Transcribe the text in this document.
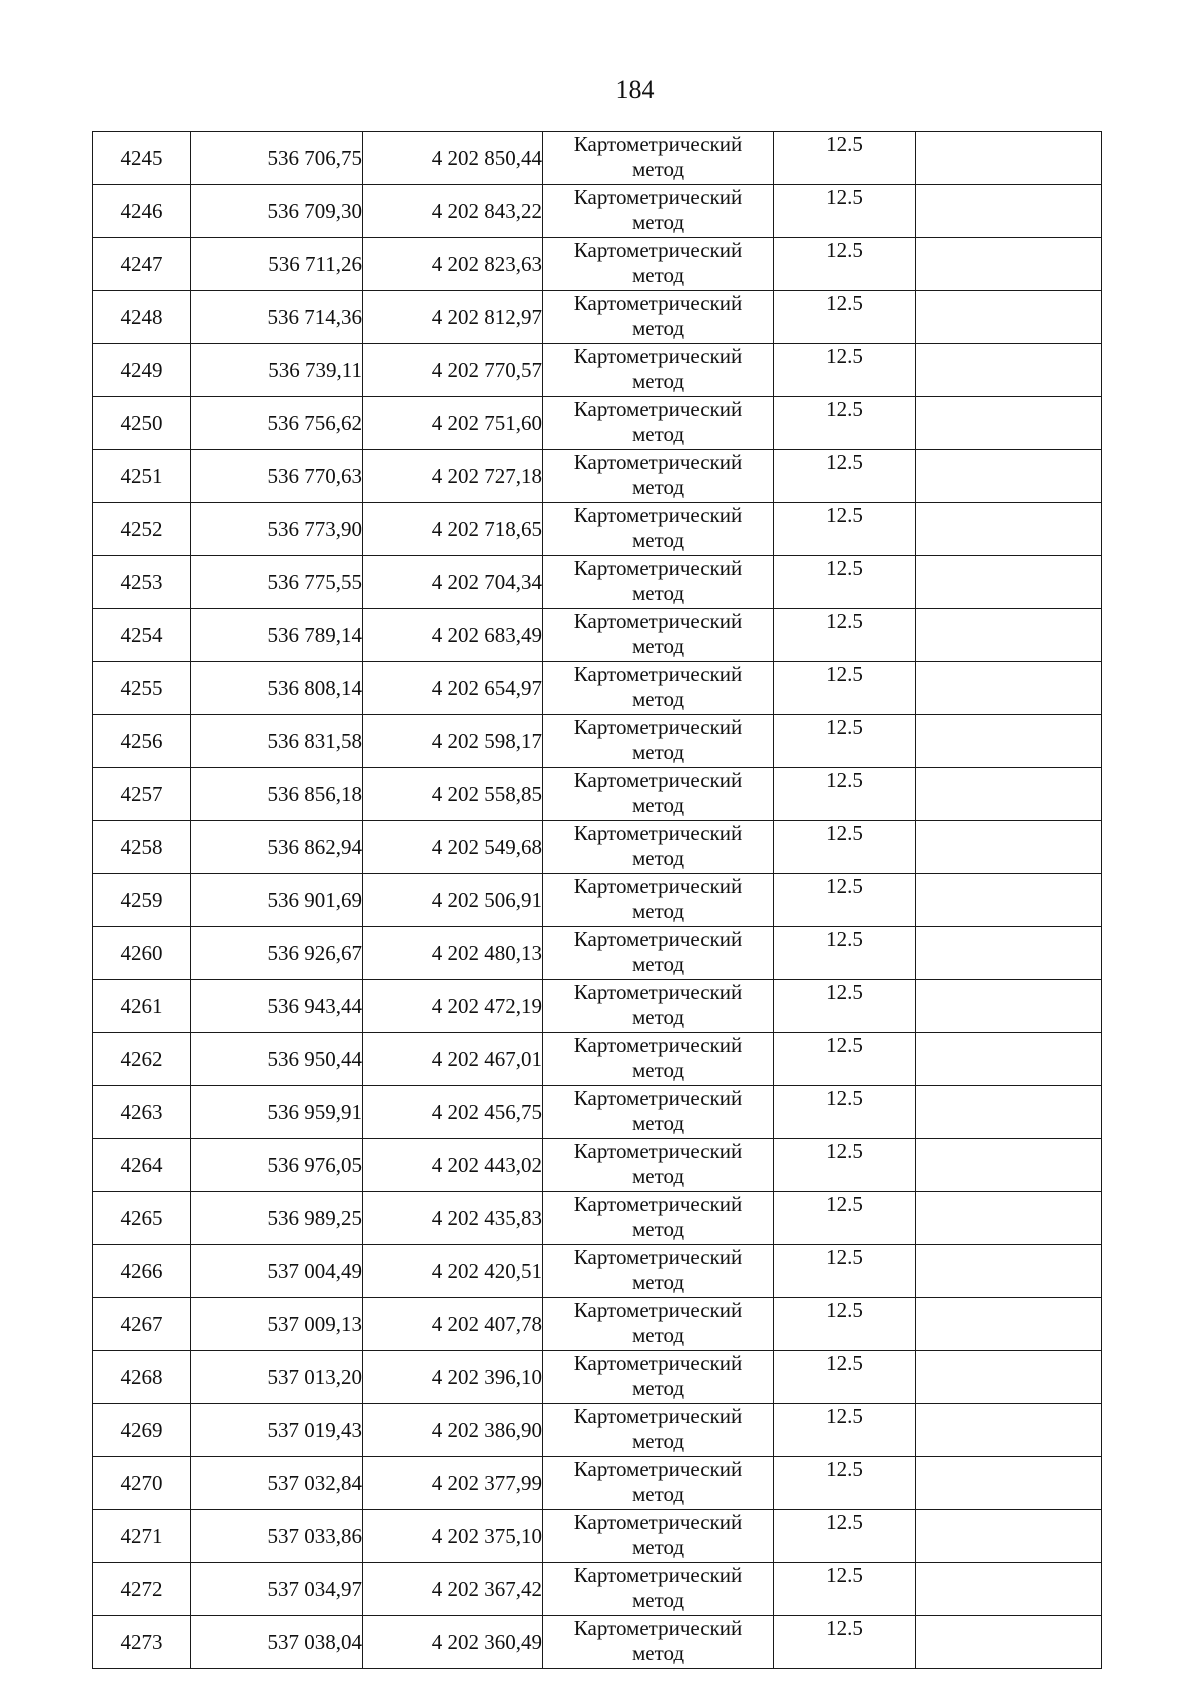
184
4245	536 706,75	4 202 850,44	Картометрический
метод	12.5	
4246	536 709,30	4 202 843,22	Картометрический
метод	12.5	
4247	536 711,26	4 202 823,63	Картометрический
метод	12.5	
4248	536 714,36	4 202 812,97	Картометрический
метод	12.5	
4249	536 739,11	4 202 770,57	Картометрический
метод	12.5	
4250	536 756,62	4 202 751,60	Картометрический
метод	12.5	
4251	536 770,63	4 202 727,18	Картометрический
метод	12.5	
4252	536 773,90	4 202 718,65	Картометрический
метод	12.5	
4253	536 775,55	4 202 704,34	Картометрический
метод	12.5	
4254	536 789,14	4 202 683,49	Картометрический
метод	12.5	
4255	536 808,14	4 202 654,97	Картометрический
метод	12.5	
4256	536 831,58	4 202 598,17	Картометрический
метод	12.5	
4257	536 856,18	4 202 558,85	Картометрический
метод	12.5	
4258	536 862,94	4 202 549,68	Картометрический
метод	12.5	
4259	536 901,69	4 202 506,91	Картометрический
метод	12.5	
4260	536 926,67	4 202 480,13	Картометрический
метод	12.5	
4261	536 943,44	4 202 472,19	Картометрический
метод	12.5	
4262	536 950,44	4 202 467,01	Картометрический
метод	12.5	
4263	536 959,91	4 202 456,75	Картометрический
метод	12.5	
4264	536 976,05	4 202 443,02	Картометрический
метод	12.5	
4265	536 989,25	4 202 435,83	Картометрический
метод	12.5	
4266	537 004,49	4 202 420,51	Картометрический
метод	12.5	
4267	537 009,13	4 202 407,78	Картометрический
метод	12.5	
4268	537 013,20	4 202 396,10	Картометрический
метод	12.5	
4269	537 019,43	4 202 386,90	Картометрический
метод	12.5	
4270	537 032,84	4 202 377,99	Картометрический
метод	12.5	
4271	537 033,86	4 202 375,10	Картометрический
метод	12.5	
4272	537 034,97	4 202 367,42	Картометрический
метод	12.5	
4273	537 038,04	4 202 360,49	Картометрический
метод	12.5	
